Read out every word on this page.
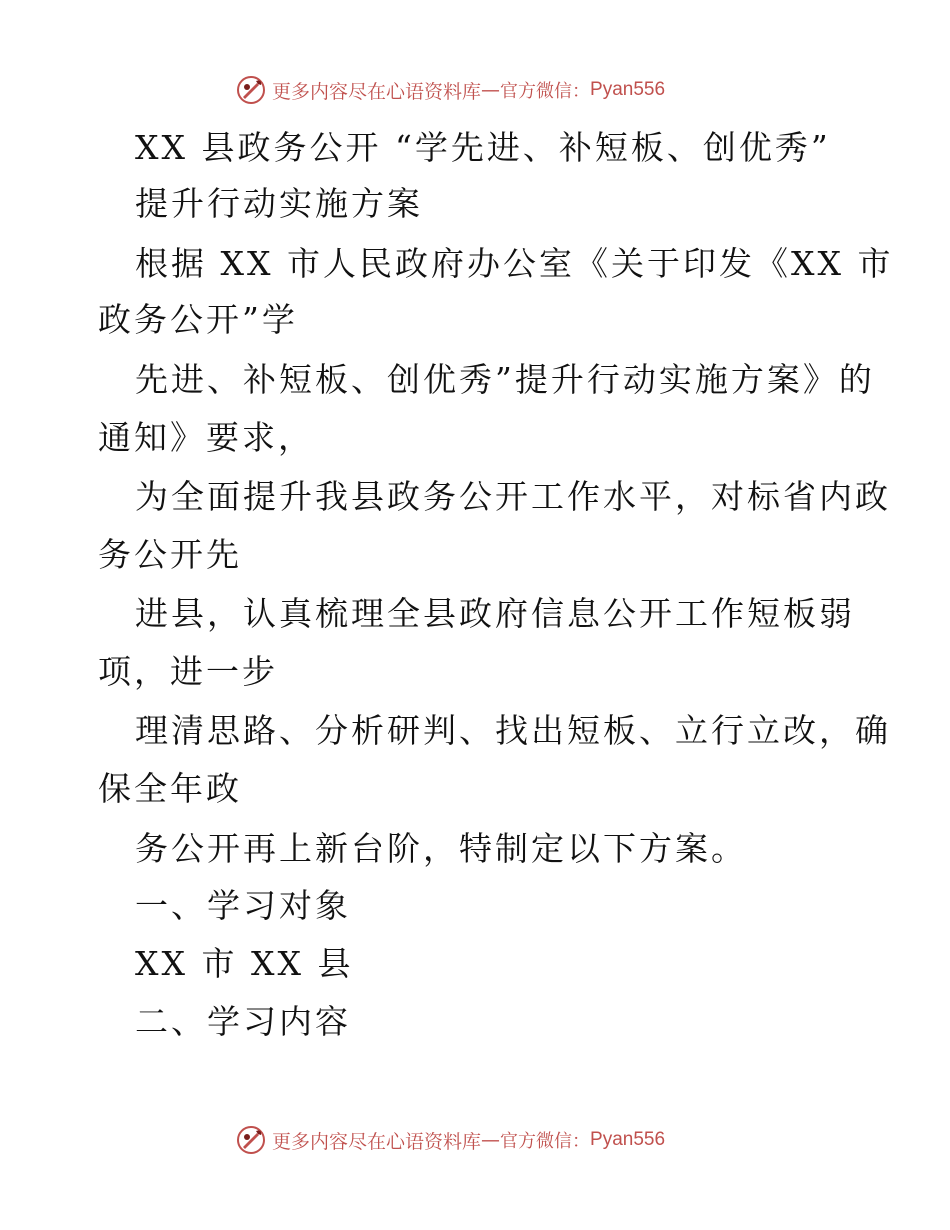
更多内容尽在心语资料库 — 官方微信： Pyan556
XX 县政务公开 “学先进、补短板、创优秀”
提升行动实施方案
根据 XX 市人民政府办公室《关于印发《XX 市
政务公开”学
先进、补短板、创优秀”提升行动实施方案》的
通知》要求，
为全面提升我县政务公开工作水平，对标省内政
务公开先
进县，认真梳理全县政府信息公开工作短板弱
项，进一步
理清思路、分析研判、找出短板、立行立改，确
保全年政
务公开再上新台阶，特制定以下方案。
一、学习对象
XX 市 XX 县
二、学习内容
更多内容尽在心语资料库 — 官方微信： Pyan556
